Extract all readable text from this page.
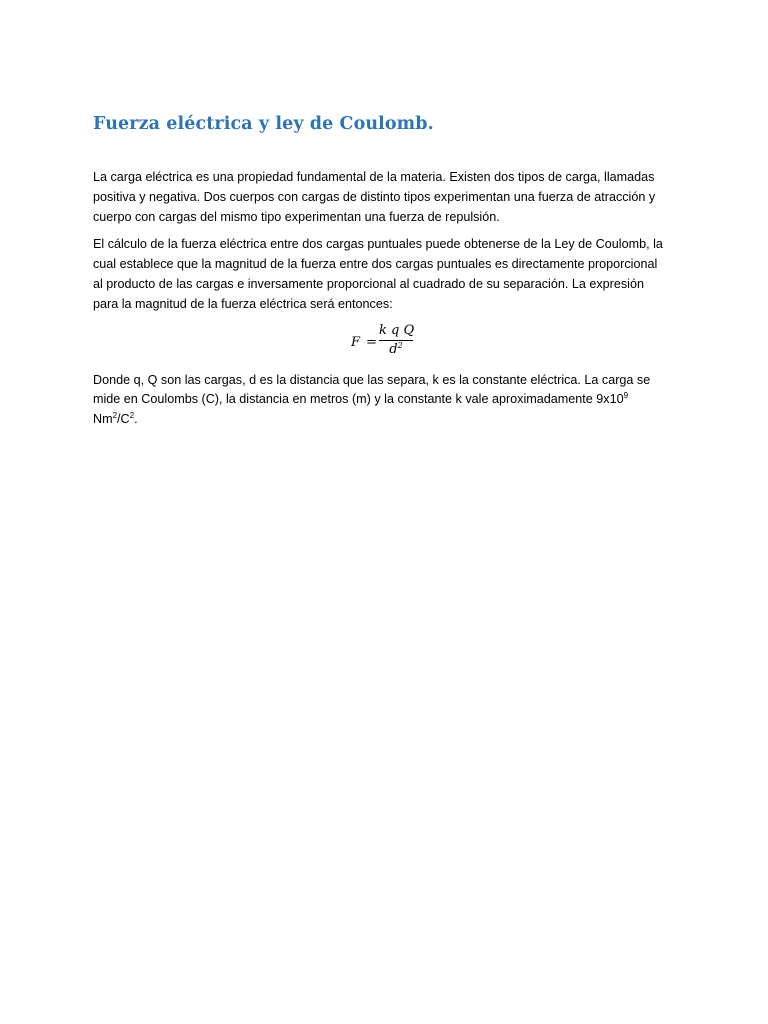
Fuerza eléctrica y ley de Coulomb.

La carga eléctrica es una propiedad fundamental de la materia. Existen dos tipos de carga, llamadas
positiva y negativa. Dos cuerpos con cargas de distinto tipos experimentan una fuerza de atracción y
cuerpo con cargas del mismo tipo experimentan una fuerza de repulsión.

El cálculo de la fuerza eléctrica entre dos cargas puntuales puede obtenerse de la Ley de Coulomb, la
cual establece que la magnitud de la fuerza entre dos cargas puntuales es directamente proporcional
al producto de las cargas e inversamente proporcional al cuadrado de su separación. La expresión
para la magnitud de la fuerza eléctrica será entonces:

$F = \frac{\text{k q Q}}{d^2}$

Donde q, Q son las cargas, d es la distancia que las separa, k es la constante eléctrica. La carga se
mide en Coulombs (C), la distancia en metros (m) y la constante k vale aproximadamente $9x10^9$
$Nm^2/C^2$.
